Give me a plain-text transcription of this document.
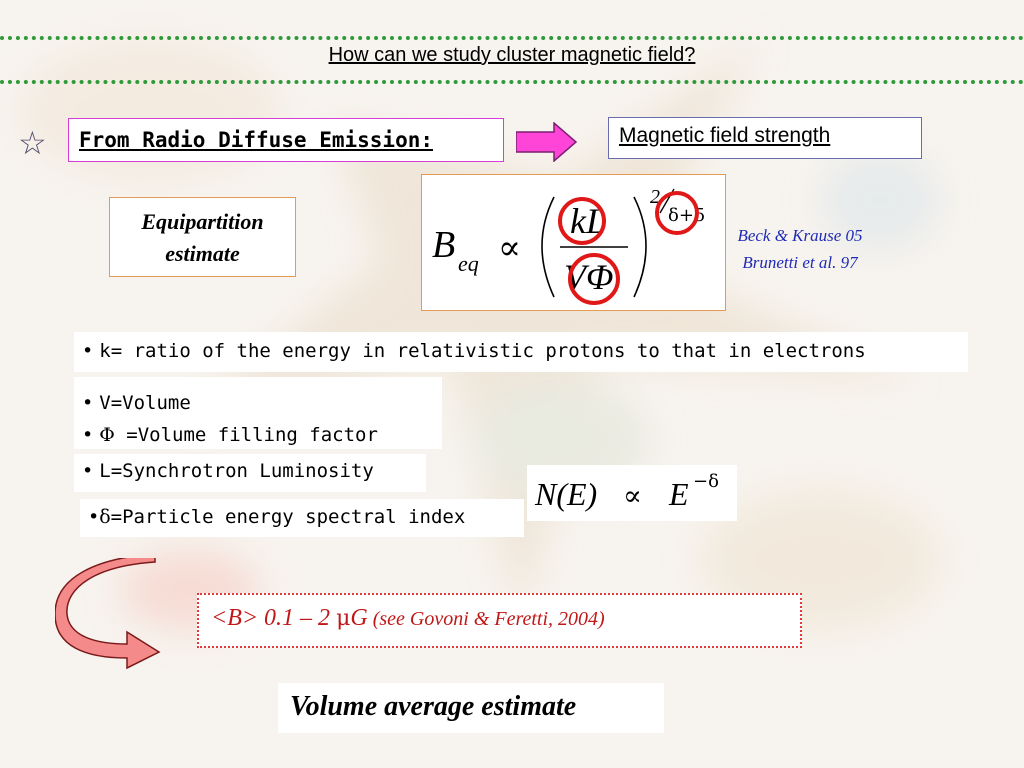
How can we study cluster magnetic field?
☆ From Radio Diffuse Emission:	Magnetic field strength
Equipartition
estimate	B eq ∝
kL
VΦ
2
δ+5
Beck & Krause 05
Brunetti et al. 97
• k= ratio of the energy in relativistic protons to that in electrons
• V=Volume
• Φ =Volume filling factor
• L=Synchrotron Luminosity
•δ=Particle energy spectral index
N(E) ∝ E −δ
<B> 0.1 – 2 μG (see Govoni & Feretti, 2004)
Volume average estimate
